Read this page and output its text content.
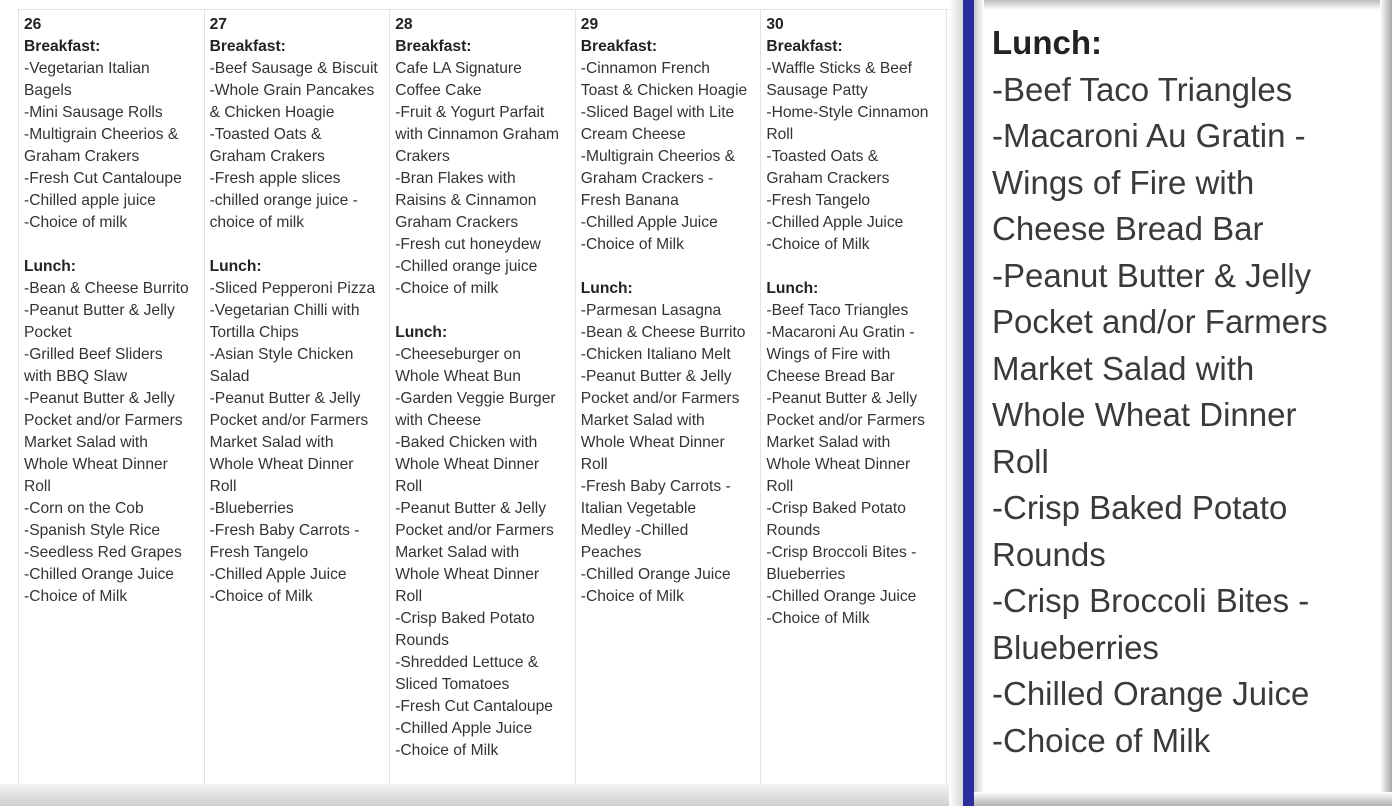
26
Breakfast:
-Vegetarian Italian
Bagels
-Mini Sausage Rolls
-Multigrain Cheerios &
Graham Crakers
-Fresh Cut Cantaloupe
-Chilled apple juice
-Choice of milk
Lunch:
-Bean & Cheese Burrito
-Peanut Butter & Jelly
Pocket
-Grilled Beef Sliders
with BBQ Slaw
-Peanut Butter & Jelly
Pocket and/or Farmers
Market Salad with
Whole Wheat Dinner
Roll
-Corn on the Cob
-Spanish Style Rice
-Seedless Red Grapes
-Chilled Orange Juice
-Choice of Milk
27
Breakfast:
-Beef Sausage & Biscuit
-Whole Grain Pancakes
& Chicken Hoagie
-Toasted Oats &
Graham Crakers
-Fresh apple slices
-chilled orange juice -
choice of milk
Lunch:
-Sliced Pepperoni Pizza
-Vegetarian Chilli with
Tortilla Chips
-Asian Style Chicken
Salad
-Peanut Butter & Jelly
Pocket and/or Farmers
Market Salad with
Whole Wheat Dinner
Roll
-Blueberries
-Fresh Baby Carrots -
Fresh Tangelo
-Chilled Apple Juice
-Choice of Milk
28
Breakfast:
Cafe LA Signature
Coffee Cake
-Fruit & Yogurt Parfait
with Cinnamon Graham
Crakers
-Bran Flakes with
Raisins & Cinnamon
Graham Crackers
-Fresh cut honeydew
-Chilled orange juice
-Choice of milk
Lunch:
-Cheeseburger on
Whole Wheat Bun
-Garden Veggie Burger
with Cheese
-Baked Chicken with
Whole Wheat Dinner
Roll
-Peanut Butter & Jelly
Pocket and/or Farmers
Market Salad with
Whole Wheat Dinner
Roll
-Crisp Baked Potato
Rounds
-Shredded Lettuce &
Sliced Tomatoes
-Fresh Cut Cantaloupe
-Chilled Apple Juice
-Choice of Milk
29
Breakfast:
-Cinnamon French
Toast & Chicken Hoagie
-Sliced Bagel with Lite
Cream Cheese
-Multigrain Cheerios &
Graham Crackers -
Fresh Banana
-Chilled Apple Juice
-Choice of Milk
Lunch:
-Parmesan Lasagna
-Bean & Cheese Burrito
-Chicken Italiano Melt
-Peanut Butter & Jelly
Pocket and/or Farmers
Market Salad with
Whole Wheat Dinner
Roll
-Fresh Baby Carrots -
Italian Vegetable
Medley -Chilled
Peaches
-Chilled Orange Juice
-Choice of Milk
30
Breakfast:
-Waffle Sticks & Beef
Sausage Patty
-Home-Style Cinnamon
Roll
-Toasted Oats &
Graham Crackers
-Fresh Tangelo
-Chilled Apple Juice
-Choice of Milk
Lunch:
-Beef Taco Triangles
-Macaroni Au Gratin -
Wings of Fire with
Cheese Bread Bar
-Peanut Butter & Jelly
Pocket and/or Farmers
Market Salad with
Whole Wheat Dinner
Roll
-Crisp Baked Potato
Rounds
-Crisp Broccoli Bites -
Blueberries
-Chilled Orange Juice
-Choice of Milk
Lunch:
-Beef Taco Triangles
-Macaroni Au Gratin -
Wings of Fire with
Cheese Bread Bar
-Peanut Butter & Jelly
Pocket and/or Farmers
Market Salad with
Whole Wheat Dinner
Roll
-Crisp Baked Potato
Rounds
-Crisp Broccoli Bites -
Blueberries
-Chilled Orange Juice
-Choice of Milk
